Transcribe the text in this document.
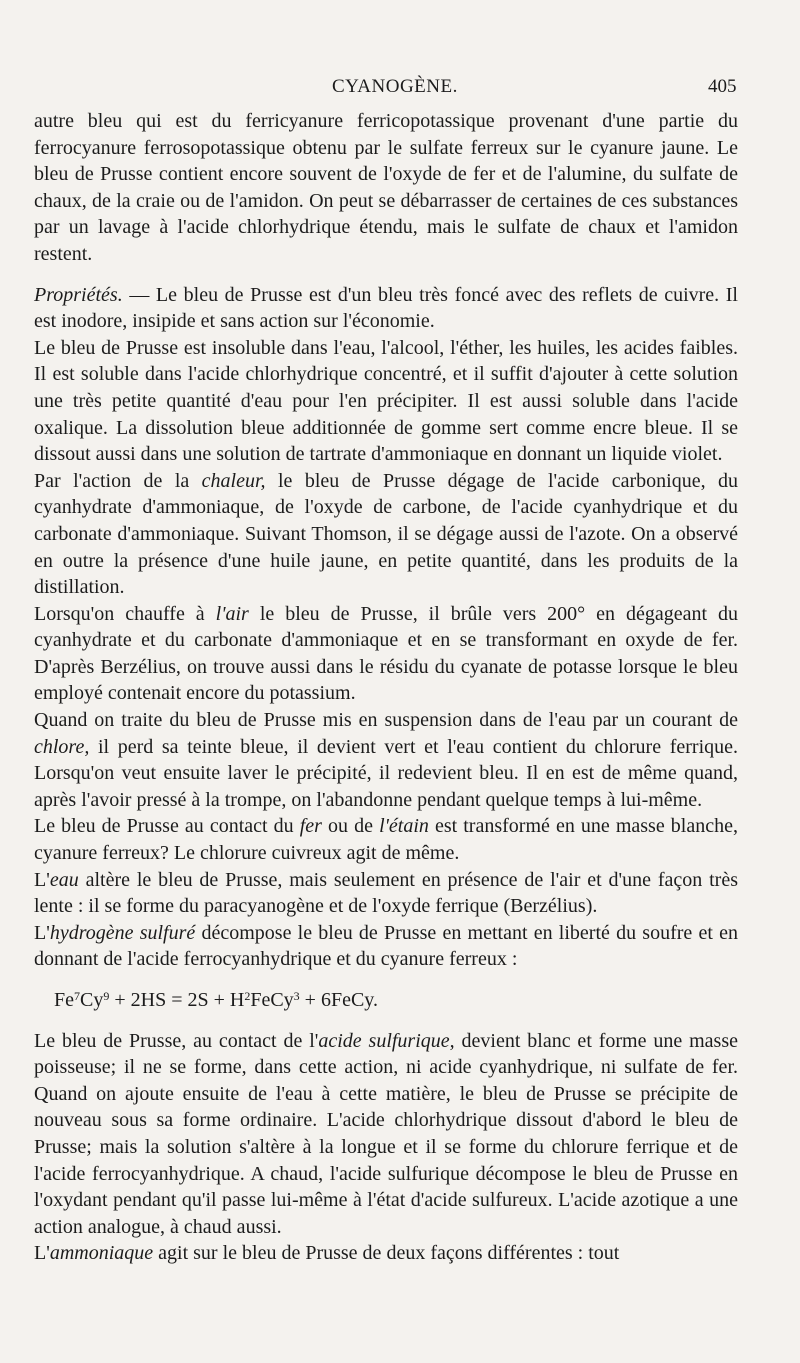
CYANOGÈNE.	405

autre bleu qui est du ferricyanure ferricopotassique provenant d'une partie du ferrocyanure ferrosopotassique obtenu par le sulfate ferreux sur le cyanure jaune. Le bleu de Prusse contient encore souvent de l'oxyde de fer et de l'alumine, du sulfate de chaux, de la craie ou de l'amidon. On peut se débarrasser de certaines de ces substances par un lavage à l'acide chlorhydrique étendu, mais le sulfate de chaux et l'amidon restent.

Propriétés. — Le bleu de Prusse est d'un bleu très foncé avec des reflets de cuivre. Il est inodore, insipide et sans action sur l'économie.

Le bleu de Prusse est insoluble dans l'eau, l'alcool, l'éther, les huiles, les acides faibles. Il est soluble dans l'acide chlorhydrique concentré, et il suffit d'ajouter à cette solution une très petite quantité d'eau pour l'en précipiter. Il est aussi soluble dans l'acide oxalique. La dissolution bleue additionnée de gomme sert comme encre bleue. Il se dissout aussi dans une solution de tartrate d'ammoniaque en donnant un liquide violet.

Par l'action de la chaleur, le bleu de Prusse dégage de l'acide carbonique, du cyanhydrate d'ammoniaque, de l'oxyde de carbone, de l'acide cyanhydrique et du carbonate d'ammoniaque. Suivant Thomson, il se dégage aussi de l'azote. On a observé en outre la présence d'une huile jaune, en petite quantité, dans les produits de la distillation.

Lorsqu'on chauffe à l'air le bleu de Prusse, il brûle vers 200° en dégageant du cyanhydrate et du carbonate d'ammoniaque et en se transformant en oxyde de fer. D'après Berzélius, on trouve aussi dans le résidu du cyanate de potasse lorsque le bleu employé contenait encore du potassium.

Quand on traite du bleu de Prusse mis en suspension dans de l'eau par un courant de chlore, il perd sa teinte bleue, il devient vert et l'eau contient du chlorure ferrique. Lorsqu'on veut ensuite laver le précipité, il redevient bleu. Il en est de même quand, après l'avoir pressé à la trompe, on l'abandonne pendant quelque temps à lui-même.

Le bleu de Prusse au contact du fer ou de l'étain est transformé en une masse blanche, cyanure ferreux? Le chlorure cuivreux agit de même.

L'eau altère le bleu de Prusse, mais seulement en présence de l'air et d'une façon très lente : il se forme du paracyanogène et de l'oxyde ferrique (Berzélius).

L'hydrogène sulfuré décompose le bleu de Prusse en mettant en liberté du soufre et en donnant de l'acide ferrocyanhydrique et du cyanure ferreux :

$Fe^7Cy^9 + 2HS = 2S$ + $H^2FeCy^3$ + 6FeCy.

Le bleu de Prusse, au contact de l'acide sulfurique, devient blanc et forme une masse poisseuse; il ne se forme, dans cette action, ni acide cyanhydrique, ni sulfate de fer. Quand on ajoute ensuite de l'eau à cette matière, le bleu de Prusse se précipite de nouveau sous sa forme ordinaire. L'acide chlorhydrique dissout d'abord le bleu de Prusse; mais la solution s'altère à la longue et il se forme du chlorure ferrique et de l'acide ferrocyanhydrique. A chaud, l'acide sulfurique décompose le bleu de Prusse en l'oxydant pendant qu'il passe lui-même à l'état d'acide sulfureux. L'acide azotique a une action analogue, à chaud aussi.

L'ammoniaque agit sur le bleu de Prusse de deux façons différentes : tout
